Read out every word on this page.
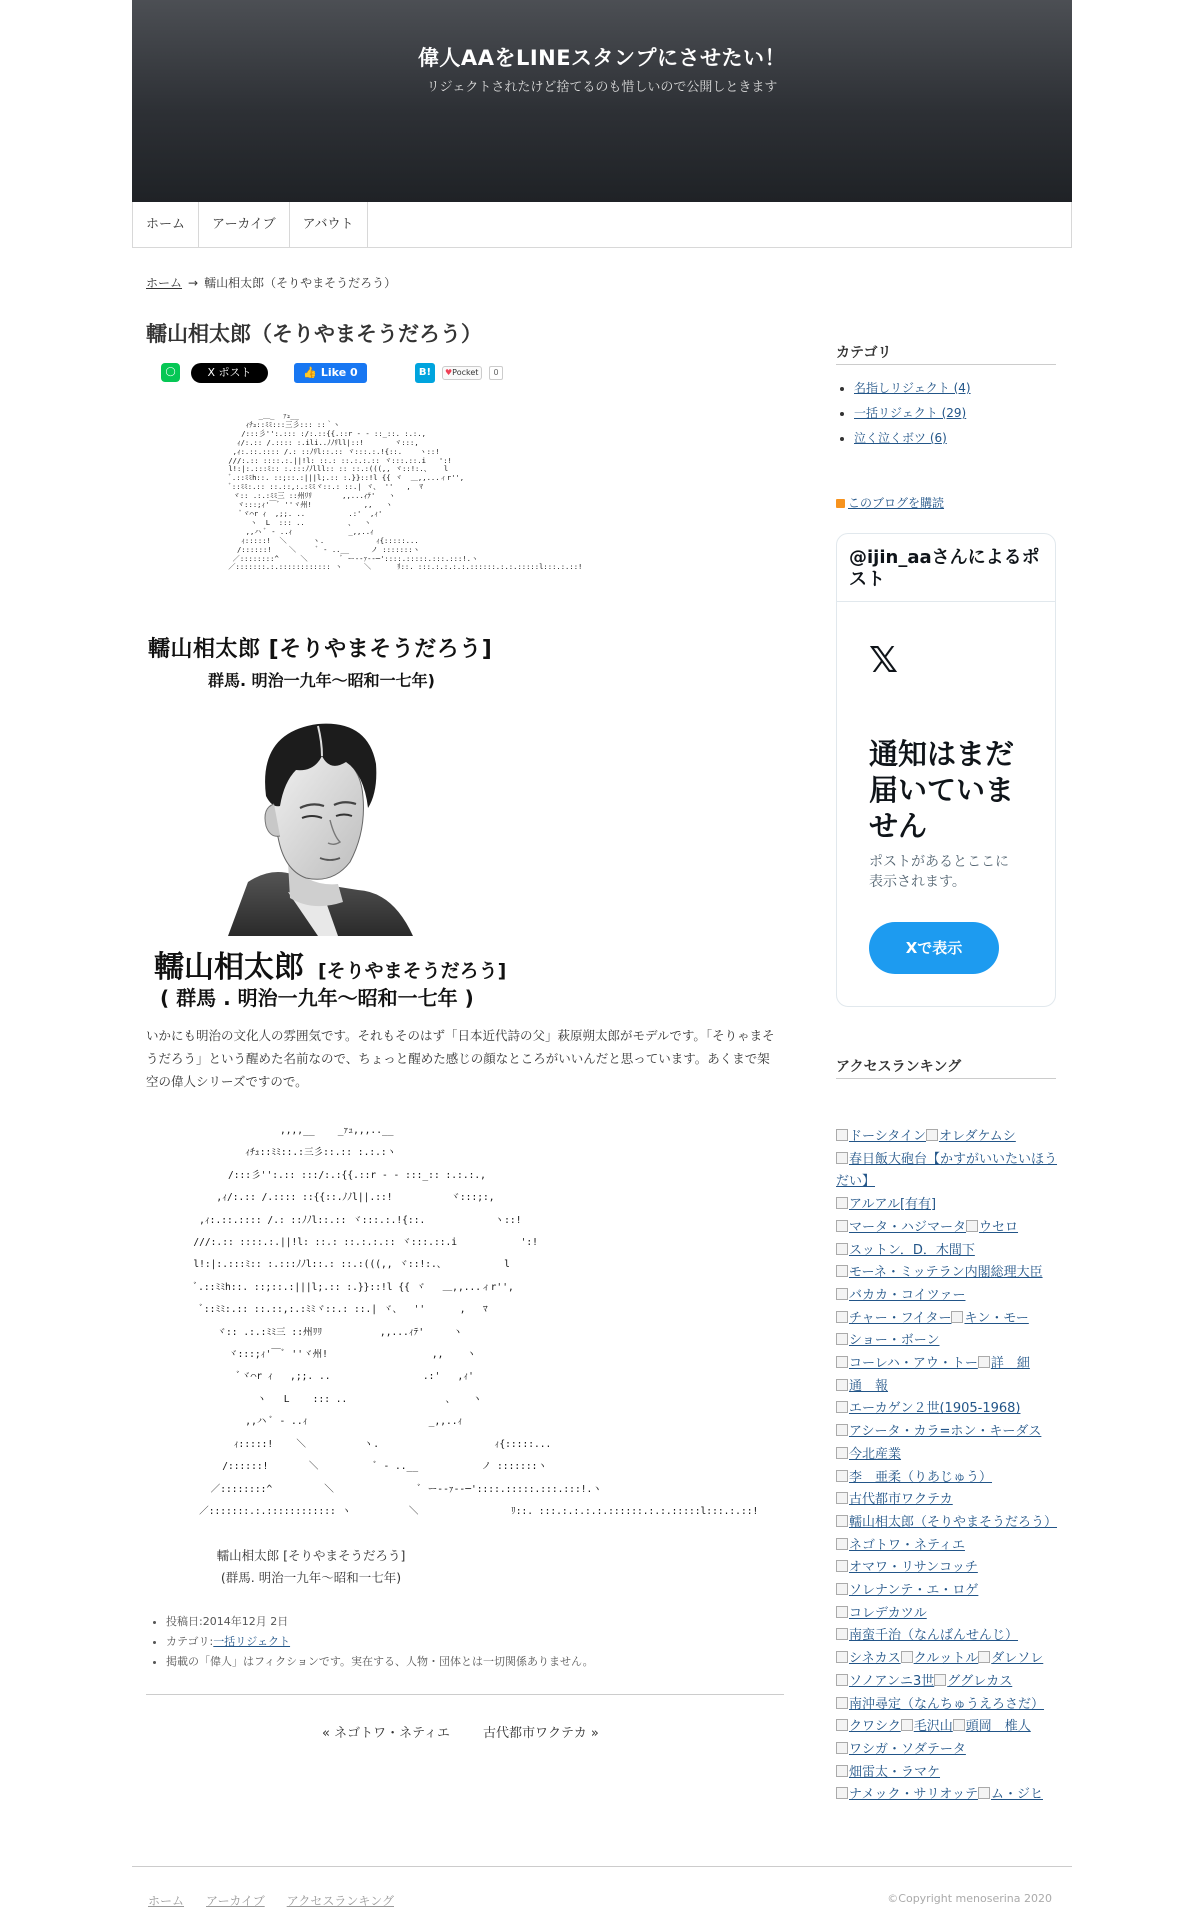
偉人AAをLINEスタンプにさせたい！
リジェクトされたけど捨てるのも惜しいので公開しときます
ホーム	アーカイブ	アバウト
ホーム → 轜山相太郎（そりやまそうだろう）
轜山相太郎（そりやまそうだろう）
◯	X ポスト	👍 Like 0	B!	♥Pocket	0
_＿_  ｧｭ__
ｨﾁｭ::ﾐﾐ:::三彡::: ::｀ヽ
/:::彡'':.::: :/:.::{{.::r ‐ - ::_::. :.:.,
ｨ/:.:: /.:::: :.ili..ﾉﾉﾘll|::!       ヾ:::,
,ｨ:.::.:::: /.: ::ﾉﾘl::.:: ヾ:::.:.!{::.    ヽ::!
///:.:: ::::.:.||!l: ::.: ::.:.:.:: ヾ:::.::.i   ':!
l!:|:.:::ﾐ:: :.:::ﾉﾉlll:: :: ::.:(((,, ヾ::!:.、   l
ﾞ.::ﾐﾐh::. ::;::.:|||l;.:: :.}}::!l {{ ヾ  ＿,,...ィr'',
ﾞ::ﾐﾐ:.:: ::.::,:.:ﾐﾐヾ::.: ::.| ヾ、 ''   ,  ﾏ
ヾ:: .:.:ﾐﾐ三 ::州ﾘﾘ       ,,...ｨﾃ'   ヽ
ヾ:::;ｨ'￣ﾞ ''ヾ州!            ,,   ヽ
ﾞヾ⌒r ｨ  ,;;. ..          .:'  ,ｨ'
ヽ  L  ::: ..          、  ヽ
,,ハ ﾞ - ..ｨ             _,,..ｨ
ｨ:::::!  ＼      ヽ.            ｨ{:::::...
/::::::!    ＼     ﾞ - ..__     ノ :::::::ヽ
／::::::::^     ＼        ﾞ ー--ｧ--─'::::.:::::.:::.:::!.ヽ
／:::::::.:.:::::::::::: ヽ     ＼      ﾘ::. :::.:.:.:.:.::::::.:.:.:::::l:::.:.::!
轜山相太郎 [そりやまそうだろう]
群馬. 明治一九年〜昭和一七年)
轜山相太郎 [そりやまそうだろう]
( 群馬 . 明治一九年〜昭和一七年 )
いかにも明治の文化人の雰囲気です。それもそのはず「日本近代詩の父」萩原朔太郎がモデルです。「そりゃまそうだろう」という醒めた名前なので、ちょっと醒めた感じの顔なところがいいんだと思っています。あくまで架空の偉人シリーズですので。
,,,,__    _ｧｭ,,,..__
ｨﾁｭ::ﾐﾐ::.:三彡::.:: :.:.:ヽ
/:::彡'':.:: :::/:.:{{.::r ‐ - :::_:: :.:.:.,
,ｨ/:.:: /.:::: ::{{::.ﾉﾉl||.::!          ヾ:::;:,
,ｨ:.::.:::: /.: ::ﾉﾉl::.:: ヾ:::.:.!{::.            ヽ::!
///:.:: ::::.:.||!l: ::.: ::.:.:.:: ヾ:::.::.i           ':!
l!:|:.:::ﾐ:: :.:::ﾉﾉl::.: ::.:(((,, ヾ::!:.、          l
ﾞ.::ﾐﾐh::. ::;::.:|||l;.:: :.}}::!l {{ ヾ   ＿,,...ィr'',
ﾞ::ﾐﾐ:.:: ::.::,:.:ﾐﾐヾ::.: ::.| ヾ、  ''      ,   ﾏ
ヾ:: .:.:ﾐﾐ三 ::州ﾘﾘ          ,,...ｨﾃ'     ヽ
ヾ:::;ｨ'￣ﾞ ''ヾ州!                  ,,    ヽ
ﾞヾ⌒r ｨ   ,;;. ..                .:'   ,ｨ'
ヽ   L    ::: ..                 、   ヽ
,,ハ ﾞ - ..ｨ                     _,,..ｨ
ｨ:::::!    ＼          ヽ.                    ｨ{:::::...
/::::::!       ＼          ﾞ - ..__           ノ :::::::ヽ
／::::::::^         ＼               ﾞ ー--ｧ--─'::::.:::::.:::.:::!.ヽ
／:::::::.:.:::::::::::: ヽ          ＼                ﾘ::. :::.:.:.:.:.::::::.:.:.:::::l:::.:.::!
轜山相太郎 [そりやまそうだろう]
(群馬. 明治一九年〜昭和一七年)
• 投稿日:2014年12月 2日
• カテゴリ:一括リジェクト
• 掲載の「偉人」はフィクションです。実在する、人物・団体とは一切関係ありません。
« ネゴトワ・ネティエ	古代都市ワクテカ »
カテゴリ
• 名指しリジェクト (4)
• 一括リジェクト (29)
• 泣く泣くボツ (6)
このブログを購読
@ijin_aaさんによるポスト
𝕏
通知はまだ届いていません
ポストがあるとここに表示されます。
Xで表示
アクセスランキング
ドーシタイン オレダケムシ
春日飯大砲台【かすがいいたいほうだい】
アルアル[有有]
マータ・ハジマータ ウセロ
スットン．D．木間下
モーネ・ミッテラン内閣総理大臣
バカカ・コイツァー
チャー・フイター キン・モー
ショー・ボーン
コーレハ・アウ・トー 詳　細
通　報
エーカゲン２世(1905-1968)
アシータ・カラ=ホン・キーダス
今北産業
李　亜柔（りあじゅう）
古代都市ワクテカ
轜山相太郎（そりやまそうだろう）
ネゴトワ・ネティエ
オマワ・リサンコッチ
ソレナンテ・エ・ロゲ
コレデカツル
南蛮千治（なんばんせんじ）
シネカス クルットル ダレソレ
ソノアンニ3世 ググレカス
南沖尋定（なんちゅうえろさだ）
クワシク 毛沢山 頭岡　椎人
ワシガ・ソダテータ
畑雷太・ラマケ
ナメック・サリオッテ ム・ジヒ
ホーム アーカイブ アクセスランキング	©Copyright menoserina 2020
